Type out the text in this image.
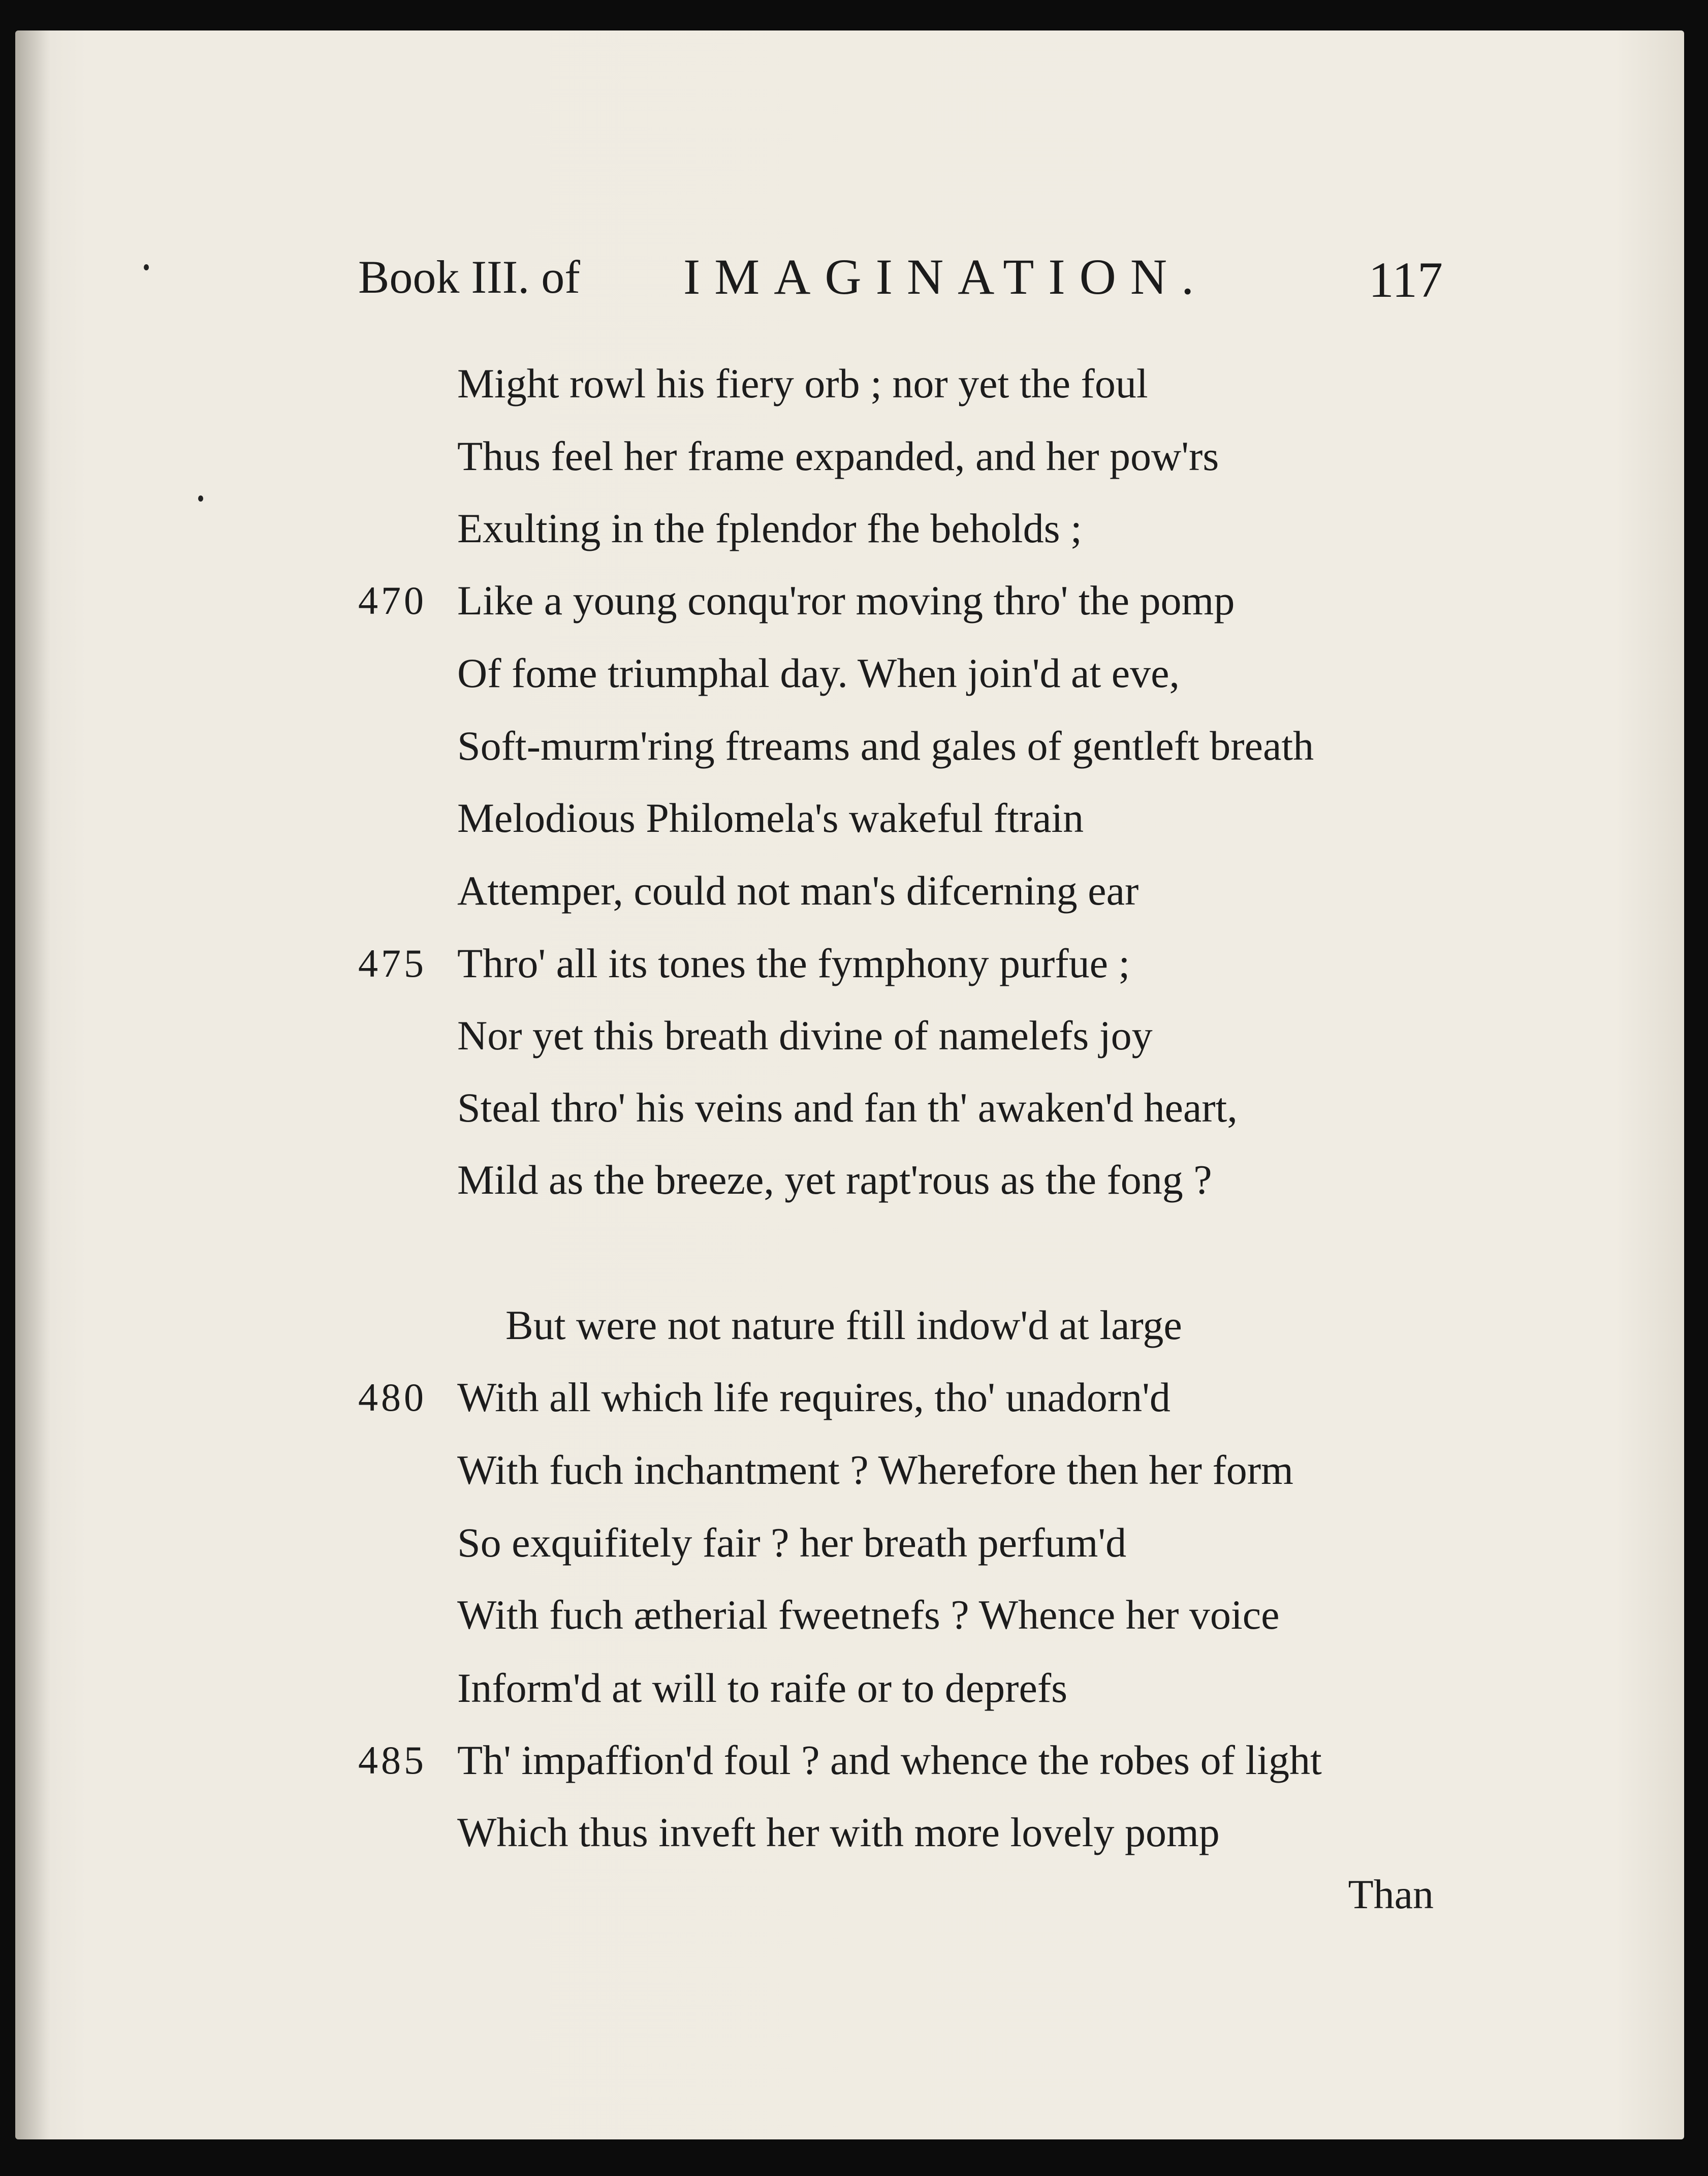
Book III. of IMAGINATION.	117
Might rowl his fiery orb ; nor yet the foul
Thus feel her frame expanded, and her pow'rs
Exulting in the fplendor fhe beholds ;
470 Like a young conqu'ror moving thro' the pomp
Of fome triumphal day. When join'd at eve,
Soft-murm'ring ftreams and gales of gentleft breath
Melodious Philomela's wakeful ftrain
Attemper, could not man's difcerning ear
475 Thro' all its tones the fymphony purfue ;
Nor yet this breath divine of namelefs joy
Steal thro' his veins and fan th' awaken'd heart,
Mild as the breeze, yet rapt'rous as the fong ?
But were not nature ftill indow'd at large
480 With all which life requires, tho' unadorn'd
With fuch inchantment ? Wherefore then her form
So exquifitely fair ? her breath perfum'd
With fuch ætherial fweetnefs ? Whence her voice
Inform'd at will to raife or to deprefs
485 Th' impaffion'd foul ? and whence the robes of light
Which thus inveft her with more lovely pomp
Than
